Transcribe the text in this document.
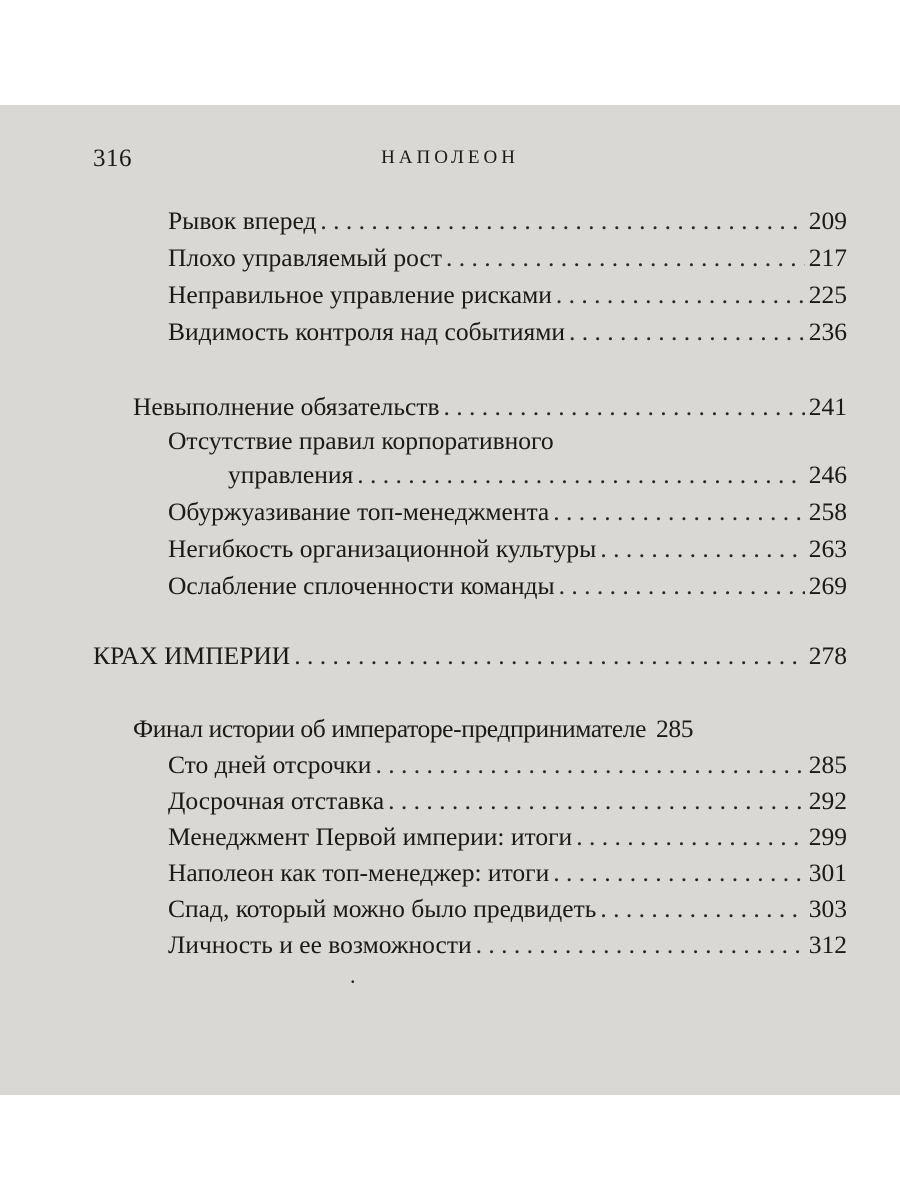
316	НАПОЛЕОН
Рывок вперед . . .	209
Плохо управляемый рост . . .	217
Неправильное управление рисками . . .	225
Видимость контроля над событиями . . .	236
Невыполнение обязательств . . .	241
Отсутствие правил корпоративного
управления . . .	246
Обуржуазивание топ-менеджмента . . .	258
Негибкость организационной культуры . . .	263
Ослабление сплоченности команды . . .	269
КРАХ ИМПЕРИИ . . .	278
Финал истории об императоре-предпринимателе 285
Сто дней отсрочки . . .	285
Досрочная отставка . . .	292
Менеджмент Первой империи: итоги . . .	299
Наполеон как топ-менеджер: итоги . . .	301
Спад, который можно было предвидеть . . .	303
Личность и ее возможности . . .	312
.
